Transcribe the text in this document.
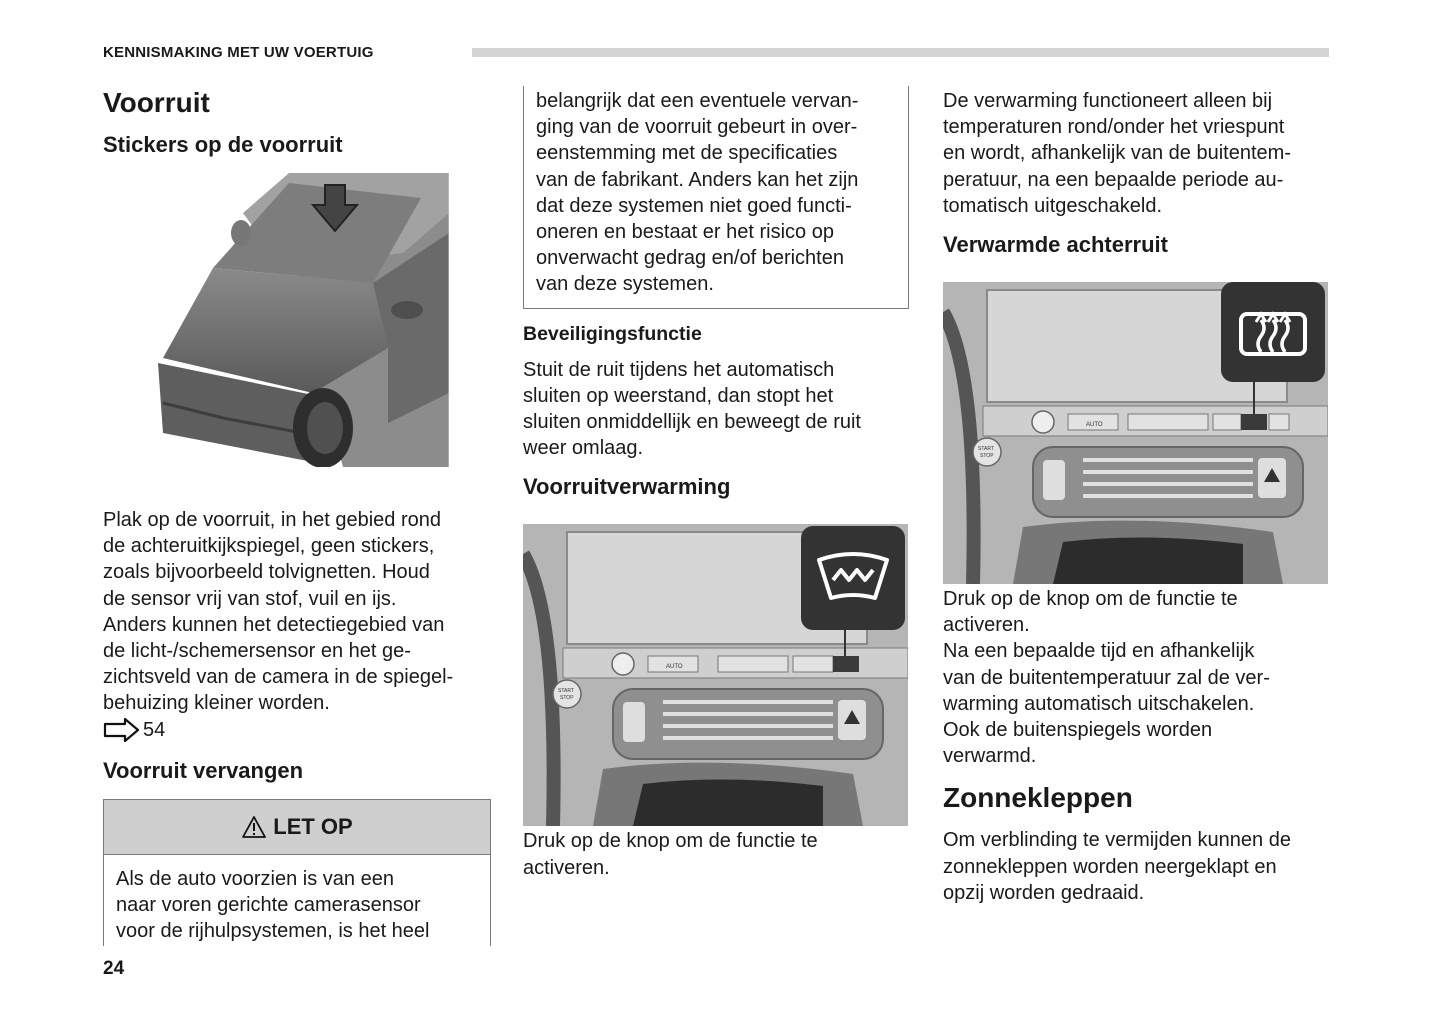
KENNISMAKING MET UW VOERTUIG
Voorruit
Stickers op de voorruit
Plak op de voorruit, in het gebied rond
de achteruitkijkspiegel, geen stickers,
zoals bijvoorbeeld tolvignetten. Houd
de sensor vrij van stof, vuil en ijs.
Anders kunnen het detectiegebied van
de licht-/schemersensor en het ge-
zichtsveld van de camera in de spiegel-
behuizing kleiner worden.
54
Voorruit vervangen
LET OP
Als de auto voorzien is van een
naar voren gerichte camerasensor
voor de rijhulpsystemen, is het heel
belangrijk dat een eventuele vervan-
ging van de voorruit gebeurt in over-
eenstemming met de specificaties
van de fabrikant. Anders kan het zijn
dat deze systemen niet goed functi-
oneren en bestaat er het risico op
onverwacht gedrag en/of berichten
van deze systemen.
Beveiligingsfunctie
Stuit de ruit tijdens het automatisch
sluiten op weerstand, dan stopt het
sluiten onmiddellijk en beweegt de ruit
weer omlaag.
Voorruitverwarming
AUTO
START
STOP
Druk op de knop om de functie te
activeren.
De verwarming functioneert alleen bij
temperaturen rond/onder het vriespunt
en wordt, afhankelijk van de buitentem-
peratuur, na een bepaalde periode au-
tomatisch uitgeschakeld.
Verwarmde achterruit
AUTO
START
STOP
Druk op de knop om de functie te
activeren.
Na een bepaalde tijd en afhankelijk
van de buitentemperatuur zal de ver-
warming automatisch uitschakelen.
Ook de buitenspiegels worden
verwarmd.
Zonnekleppen
Om verblinding te vermijden kunnen de
zonnekleppen worden neergeklapt en
opzij worden gedraaid.
24
